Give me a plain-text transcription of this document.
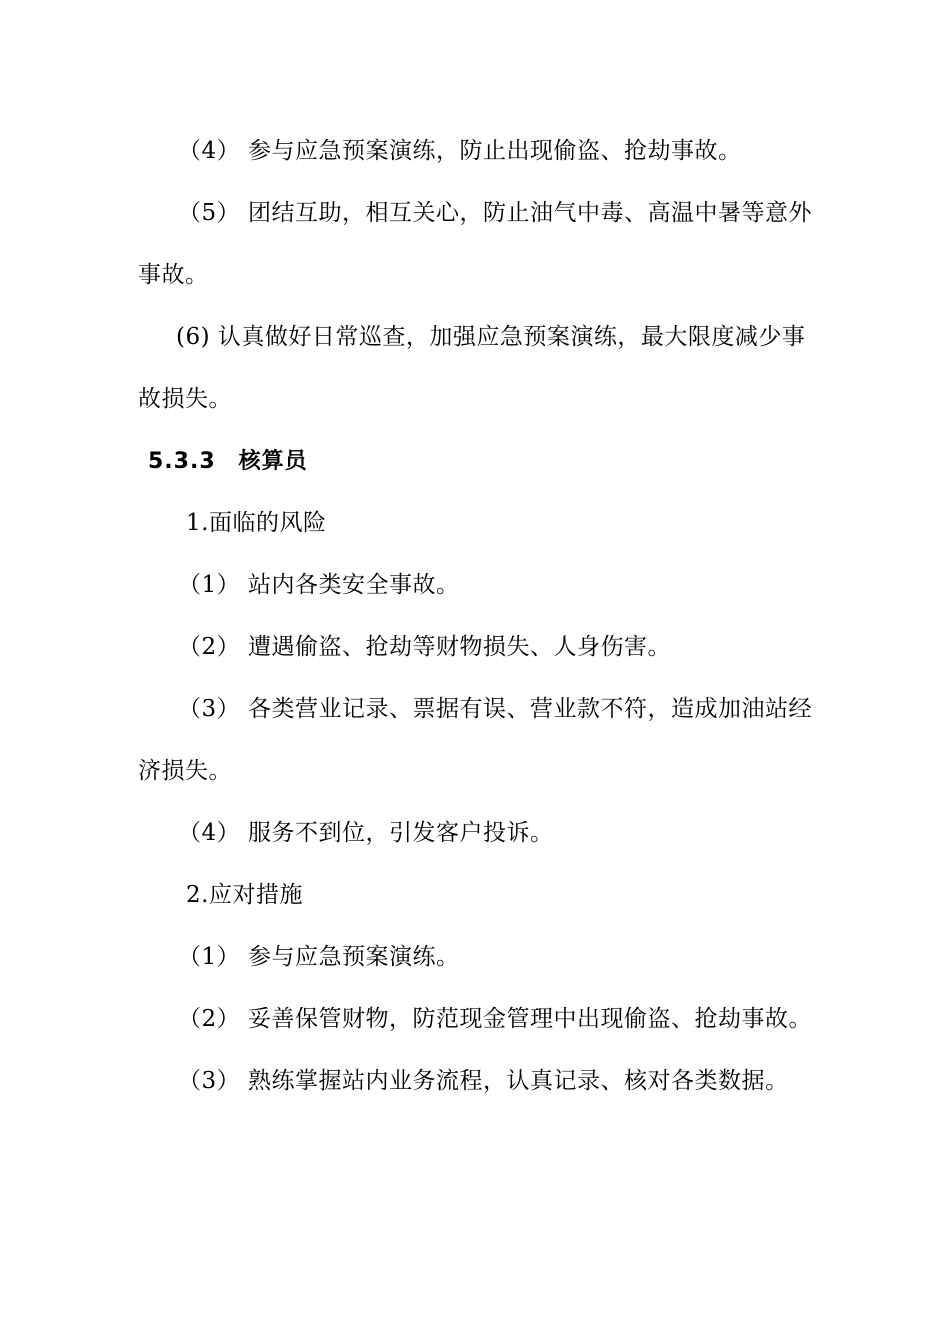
（4） 参与应急预案演练，防止出现偷盗、抢劫事故。
（5） 团结互助，相互关心，防止油气中毒、高温中暑等意外
事故。
(6) 认真做好日常巡查，加强应急预案演练，最大限度减少事
故损失。
5.3.3　核算员
1.面临的风险
（1） 站内各类安全事故。
（2） 遭遇偷盗、抢劫等财物损失、人身伤害。
（3） 各类营业记录、票据有误、营业款不符，造成加油站经
济损失。
（4） 服务不到位，引发客户投诉。
2.应对措施
（1） 参与应急预案演练。
（2） 妥善保管财物，防范现金管理中出现偷盗、抢劫事故。
（3） 熟练掌握站内业务流程，认真记录、核对各类数据。
